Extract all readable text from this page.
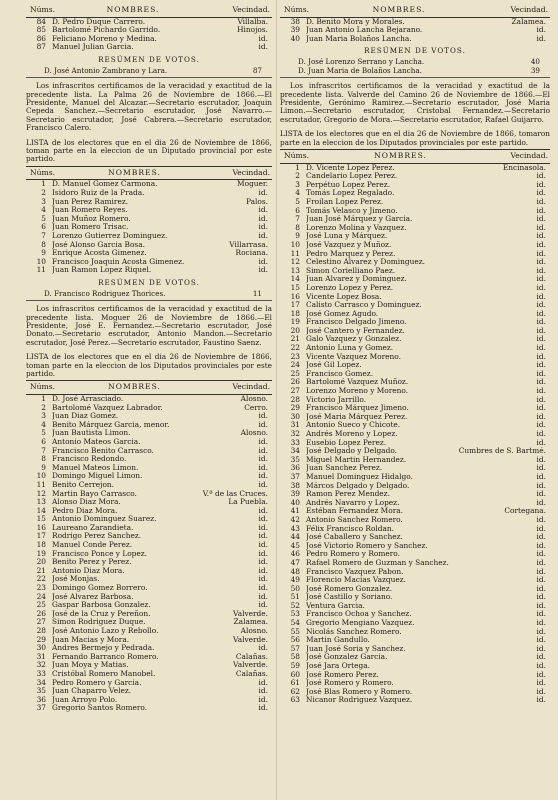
Núms.	NOMBRES.	Vecindad.
84 D. Pedro Duque Carrero.	Villalba.
85 Bartolomé Pichardo Garrido.	Hinojos.
86 Feliciano Moreno y Medina.	id.
87 Manuel Julian Garcia.	id.
RESÚMEN DE VOTOS.
D. José Antonio Zambrano y Lara.	87

Los infrascritos certificamos de la veracidad y exactitud de la precedente lista. La Palma 26 de Noviembre de 1866.—El Presidente, Manuel del Alcazar.—Secretario escrutador, Joaquin Cepeda Sanchez.—Secretario escrutador, José Navarro.—Secretario escrutador, José Cabrera.—Secretario escrutador, Francisco Calero.

LISTA de los electores que en el dia 26 de Noviembre de 1866, toman parte en la eleccion de un Diputado provincial por este partido.

Núms.	NOMBRES.	Vecindad.
1 D. Manuel Gomez Carmona.	Moguer.
2 Isidoro Ruiz de la Prada.	id.
3 Juan Perez Ramirez.	Palos.
4 Juan Romero Reyes.	id.
5 Juan Muñoz Romero.	id.
6 Juan Romero Trisac.	id.
7 Lorenzo Gutierrez Dominguez.	id.
8 José Alonso Garcia Bosa.	Villarrasa.
9 Enrique Acosta Gimenez.	Rociana.
10 Francisco Joaquin Acosta Gimenez.	id.
11 Juan Ramon Lopez Riquel.	id.
RESÚMEN DE VOTOS.
D. Francisco Rodriguez Thorices.	11

Los infrascritos certificamos de la veracidad y exactitud de la precedente lista. Moguer 26 de Noviembre de 1866.—El Presidente, José E. Fernandez.—Secretario escrutador, José Donato.—Secretario escrutador, Antonio Mandon.—Secretario escrutador, José Perez.—Secretario escrutador, Faustino Saenz.

LISTA de los electores que en el dia 26 de Noviembre de 1866, toman parte en la eleccion de los Diputados provinciales por este partido.

Núms.	NOMBRES.	Vecindad.
1 D. José Arrasciado.	Alosno.
2 Bartolomé Vazquez Labrador.	Cerro.
3 Juan Diaz Gomez.	id.
4 Benito Márquez Garcia, menor.	id.
5 Juan Bautista Limon.	Alosno.
6 Antonio Mateos Garcia.	id.
7 Francisco Benito Carrasco.	id.
8 Francisco Redondo.	id.
9 Manuel Mateos Limon.	id.
10 Domingo Miguel Limon.	id.
11 Benito Cerrejon.	id.
12 Martin Bayo Carrasco.	V.ª de las Cruces.
13 Alonso Diaz Mora.	La Puebla.
14 Pedro Diaz Mora.	id.
15 Antonio Dominguez Suarez.	id.
16 Laureano Zarandieta.	id.
17 Rodrigo Perez Sanchez.	id.
18 Manuel Conde Perez.	id.
19 Francisco Ponce y Lopez.	id.
20 Benito Perez y Perez.	id.
21 Antonio Diaz Mora.	id.
22 José Monjas.	id.
23 Domingo Gomez Borrero.	id.
24 José Alvarez Barbosa.	id.
25 Gaspar Barbosa Gonzalez.	id.
26 José de la Cruz y Pereñon.	Valverde.
27 Simon Rodriguez Duque.	Zalamea.
28 José Antonio Lazo y Rebollo.	Alosno.
29 Juan Macias y Mora.	Valverde.
30 Andres Bermejo y Pedrada.	id.
31 Fernando Barranco Romero.	Calañas.
32 Juan Moya y Matias.	Valverde.
33 Cristóbal Romero Manobel.	Calañas.
34 Pedro Romero y Garcia.	id.
35 Juan Chaparro Velez.	id.
36 Juan Arroyo Polo.	id.
37 Gregorio Santos Romero.	id.
Núms.	NOMBRES.	Vecindad.
38 D. Benito Mora y Morales.	Zalamea.
39 Juan Antonio Lancha Bejarano.	id.
40 Juan Maria Bolaños Lancha.	id.
RESÚMEN DE VOTOS.
D. José Lorenzo Serrano y Lancha.	40
D. Juan Maria de Bolaños Lancha.	39

Los infrascritos certificamos de la veracidad y exactitud de la precedente lista. Valverde del Camino 26 de Noviembre de 1866.—El Presidente, Gerónimo Ramirez.—Secretario escrutador, José Maria Limon.—Secretario escrutador, Cristobal Fernandez.—Secretario escrutador, Gregorio de Mora.—Secretario escrutador, Rafael Guijarro.

LISTA de los electores que en el dia 26 de Noviembre de 1866, tomaron parte en la eleccion de los Diputados provinciales por este partido.

Núms.	NOMBRES.	Vecindad.
1 D. Vicente Lopez Perez.	Encinasola.
2 Candelario Lopez Perez.	id.
3 Perpétuo Lopez Perez.	id.
4 Tomás Lopez Regalado.	id.
5 Froilan Lopez Perez.	id.
6 Tomás Velasco y Jimeno.	id.
7 Juan José Márquez y Garcia.	id.
8 Lorenzo Molina y Vazquez.	id.
9 José Luna y Márquez.	id.
10 José Vazquez y Muñoz.	id.
11 Pedro Marquez y Perez.	id.
12 Celestino Alvarez y Dominguez.	id.
13 Simon Corielliano Paez.	id.
14 Juan Alvarez y Dominguez.	id.
15 Lorenzo Lopez y Perez.	id.
16 Vicente Lopez Bosa.	id.
17 Calisto Carrasco y Dominguez.	id.
18 José Gomez Agudo.	id.
19 Francisco Delgado Jimeno.	id.
20 José Cantero y Fernandez.	id.
21 Galo Vazquez y Gonzalez.	id.
22 Antonio Luna y Gomez.	id.
23 Vicente Vazquez Moreno.	id.
24 José Gil Lopez.	id.
25 Francisco Gomez.	id.
26 Bartolomé Vazquez Muñoz.	id.
27 Lorenzo Moreno y Moreno.	id.
28 Victorio Jarrillo.	id.
29 Francisco Márquez Jimeno.	id.
30 José Maria Márquez Perez.	id.
31 Antonio Sueco y Chicote.	id.
32 Andrés Moreno y Lopez.	id.
33 Eusebio Lopez Perez.	id.
34 José Delgado y Delgado.	Cumbres de S. Bartmé.
35 Miguel Martin Hernandez.	id.
36 Juan Sanchez Perez.	id.
37 Manuel Dominguez Hidalgo.	id.
38 Márcos Delgado y Delgado.	id.
39 Ramon Perez Mendez.	id.
40 Andrés Navarro y Lopez.	id.
41 Estéban Fernandez Mora.	Cortegana.
42 Antonio Sanchez Romero.	id.
43 Félix Francisco Roldan.	id.
44 José Caballero y Sanchez.	id.
45 José Victorio Romero y Sanchez.	id.
46 Pedro Romero y Romero.	id.
47 Rafael Romero de Guzman y Sanchez.	id.
48 Francisco Vazquez Pabon.	id.
49 Florencio Macias Vazquez.	id.
50 José Romero Gonzalez.	id.
51 José Castillo y Soriano.	id.
52 Ventura Garcia.	id.
53 Francisco Ochoa y Sanchez.	id.
54 Gregorio Mengiano Vazquez.	id.
55 Nicolás Sanchez Romero.	id.
56 Martin Gandullo.	id.
57 Juan José Soria y Sanchez.	id.
58 José Gonzalez Garcia.	id.
59 José Jara Ortega.	id.
60 José Romero Perez.	id.
61 José Romero y Romero.	id.
62 José Blas Romero y Romero.	id.
63 Nicanor Rodriguez Vazquez.	id.
